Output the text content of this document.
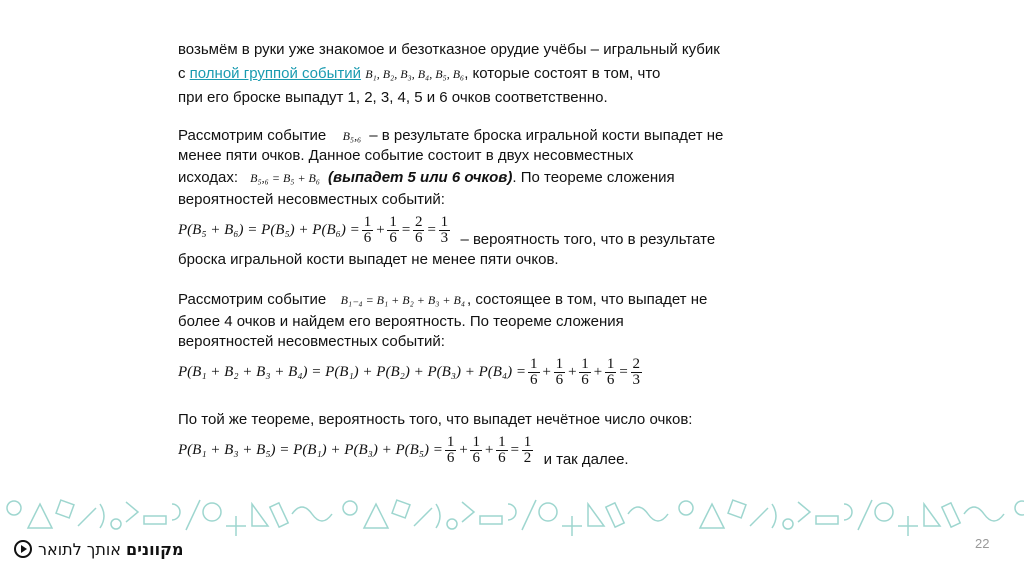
возьмём в руки уже знакомое и безотказное орудие учёбы – игральный кубик
с
полной группой событий
B₁, B₂, B₃, B₄, B₅, B₆ , которые состоят в том, что
при его броске выпадут 1, 2, 3, 4, 5 и 6 очков соответственно.
Рассмотрим событие
B₅,₆ – в результате броска игральной кости выпадет не
менее пяти очков. Данное событие состоит в двух несовместных
исходах:
B₅,₆ = B₅ + B₆ (выпадет 5 или 6 очков) . По теореме сложения
вероятностей несовместных событий:
$P(B_5 + B_6) = P(B_5) + P(B_6) = \frac{1}{6} + \frac{1}{6} = \frac{2}{6} = \frac{1}{3}$
– вероятность того, что в результате
броска игральной кости выпадет не менее пяти очков.
Рассмотрим событие
B₁₋₄ = B₁ + B₂ + B₃ + B₄ , состоящее в том, что выпадет не
более 4 очков и найдем его вероятность. По теореме сложения
вероятностей несовместных событий:
$P(B_1 + B_2 + B_3 + B_4) = P(B_1) + P(B_2) + P(B_3) + P(B_4) = \frac{1}{6} + \frac{1}{6} + \frac{1}{6} + \frac{1}{6} = \frac{2}{3}$
По той же теореме, вероятность того, что выпадет нечётное число очков:
$P(B_1 + B_3 + B_5) = P(B_1) + P(B_3) + P(B_5) = \frac{1}{6} + \frac{1}{6} + \frac{1}{6} = \frac{1}{2}$
и так далее.
מקוונים אותך לתואר	22
